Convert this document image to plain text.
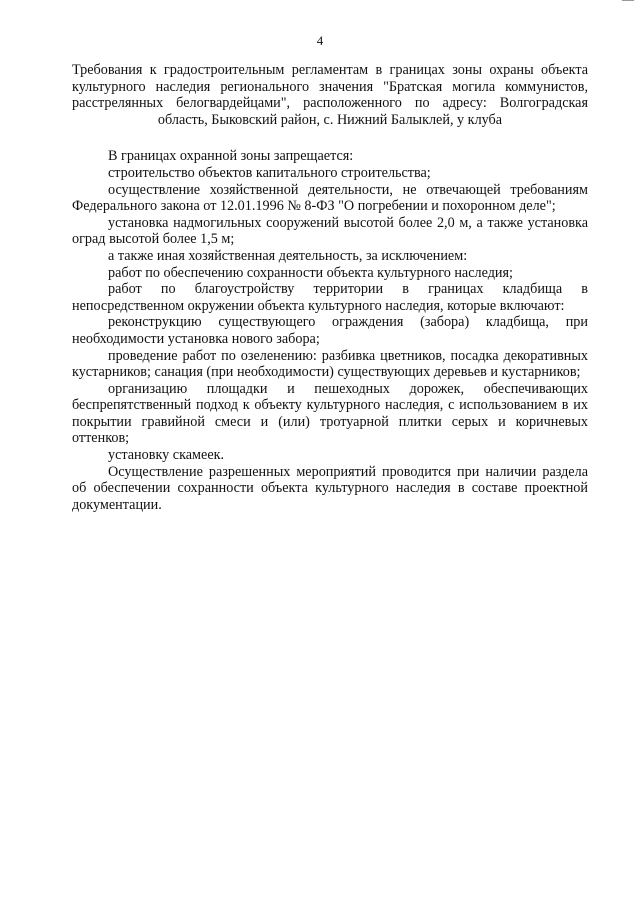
4
Требования к градостроительным регламентам в границах зоны охраны объекта
культурного наследия регионального значения "Братская могила коммунистов,
расстрелянных белогвардейцами", расположенного по адресу: Волгоградская
область, Быковский район, с. Нижний Балыклей, у клуба

В границах охранной зоны запрещается:

строительство объектов капитального строительства;

осуществление хозяйственной деятельности, не отвечающей требованиям Федерального закона от 12.01.1996 № 8-ФЗ "О погребении и похоронном деле";

установка надмогильных сооружений высотой более 2,0 м, а также установка оград высотой более 1,5 м;

а также иная хозяйственная деятельность, за исключением:

работ по обеспечению сохранности объекта культурного наследия;

работ по благоустройству территории в границах кладбища в непосредственном окружении объекта культурного наследия, которые включают:

реконструкцию существующего ограждения (забора) кладбища, при необходимости установка нового забора;

проведение работ по озеленению: разбивка цветников, посадка декоративных кустарников; санация (при необходимости) существующих деревьев и кустарников;

организацию площадки и пешеходных дорожек, обеспечивающих беспрепятственный подход к объекту культурного наследия, с использованием в их покрытии гравийной смеси и (или) тротуарной плитки серых и коричневых оттенков;

установку скамеек.

Осуществление разрешенных мероприятий проводится при наличии раздела об обеспечении сохранности объекта культурного наследия в составе проектной документации.
